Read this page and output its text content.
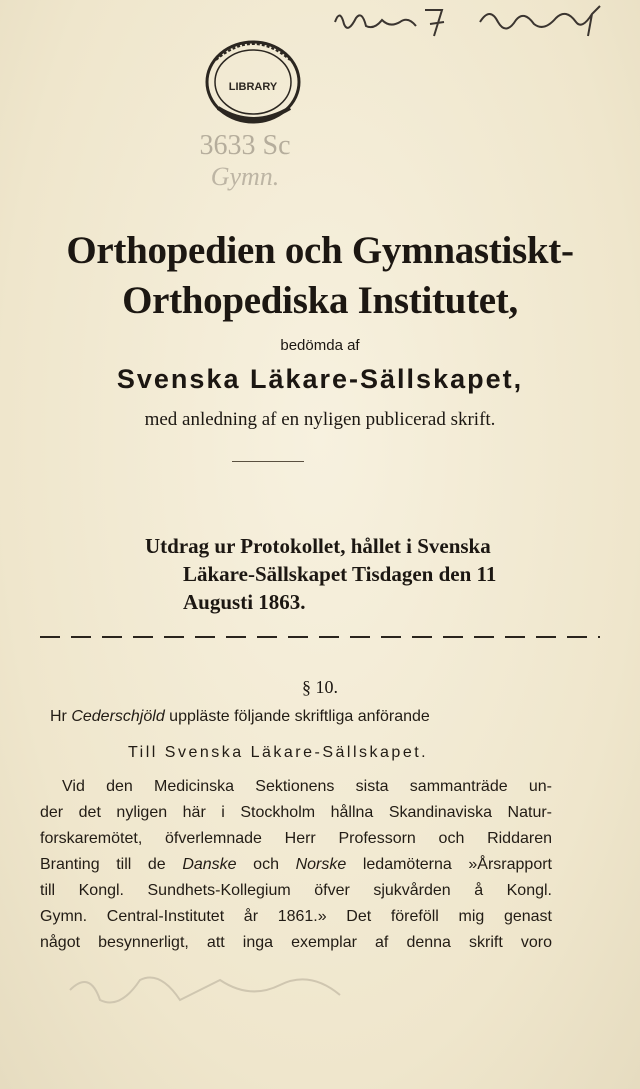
LIBRARY
Uppsala Cygnæus
3633 Sc
Gymn.
Orthopedien och Gymnastiskt-
Orthopediska Institutet,
bedömda af
Svenska Läkare-Sällskapet,
med anledning af en nyligen publicerad skrift.
Utdrag ur Protokollet, hållet i Svenska
Läkare-Sällskapet Tisdagen den 11
Augusti 1863.
§ 10.
Hr Cederschjöld uppläste följande skriftliga anförande
Till Svenska Läkare-Sällskapet.
Vid den Medicinska Sektionens sista sammanträde un-
der det nyligen här i Stockholm hållna Skandinaviska Natur-
forskaremötet, öfverlemnade Herr Professorn och Riddaren
Branting till de Danske och Norske ledamöterna »Årsrapport
till Kongl. Sundhets-Kollegium öfver sjukvården å Kongl.
Gymn. Central-Institutet år 1861.» Det föreföll mig genast
något besynnerligt, att inga exemplar af denna skrift voro
